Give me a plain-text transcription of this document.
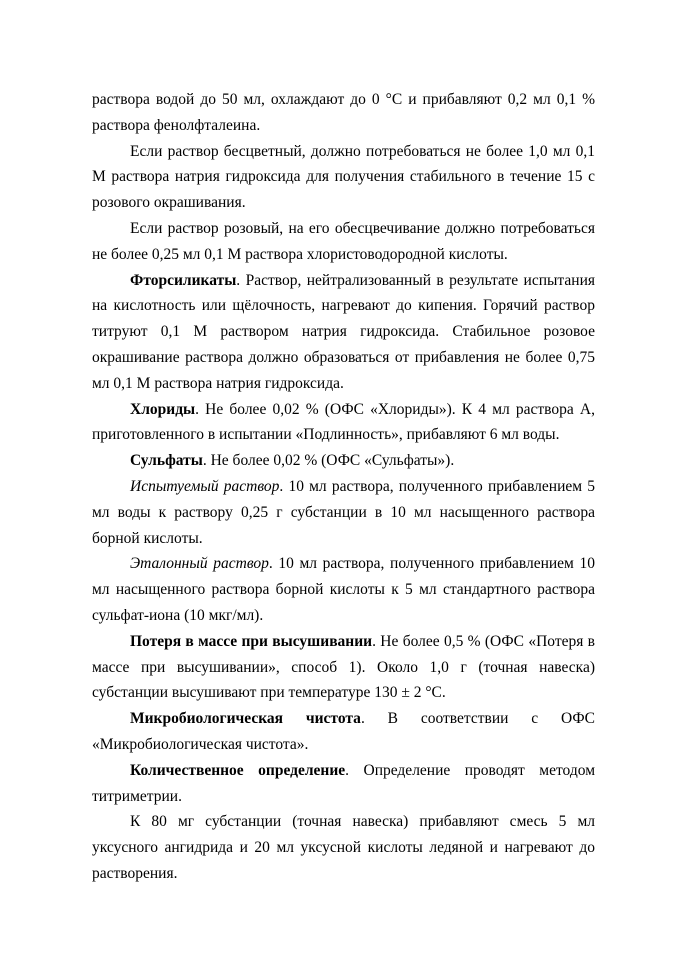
раствора водой до 50 мл, охлаждают до 0 °С и прибавляют 0,2 мл 0,1 % раствора фенолфталеина.

Если раствор бесцветный, должно потребоваться не более 1,0 мл 0,1 М раствора натрия гидроксида для получения стабильного в течение 15 с розового окрашивания.

Если раствор розовый, на его обесцвечивание должно потребоваться не более 0,25 мл 0,1 М раствора хлористоводородной кислоты.

Фторсиликаты. Раствор, нейтрализованный в результате испытания на кислотность или щёлочность, нагревают до кипения. Горячий раствор титруют 0,1 М раствором натрия гидроксида. Стабильное розовое окрашивание раствора должно образоваться от прибавления не более 0,75 мл 0,1 М раствора натрия гидроксида.

Хлориды. Не более 0,02 % (ОФС «Хлориды»). К 4 мл раствора А, приготовленного в испытании «Подлинность», прибавляют 6 мл воды.

Сульфаты. Не более 0,02 % (ОФС «Сульфаты»).

Испытуемый раствор. 10 мл раствора, полученного прибавлением 5 мл воды к раствору 0,25 г субстанции в 10 мл насыщенного раствора борной кислоты.

Эталонный раствор. 10 мл раствора, полученного прибавлением 10 мл насыщенного раствора борной кислоты к 5 мл стандартного раствора сульфат-иона (10 мкг/мл).

Потеря в массе при высушивании. Не более 0,5 % (ОФС «Потеря в массе при высушивании», способ 1). Около 1,0 г (точная навеска) субстанции высушивают при температуре 130 ± 2 °С.

Микробиологическая чистота. В соответствии с ОФС «Микробиологическая чистота».

Количественное определение. Определение проводят методом титриметрии.

К 80 мг субстанции (точная навеска) прибавляют смесь 5 мл уксусного ангидрида и 20 мл уксусной кислоты ледяной и нагревают до растворения.
